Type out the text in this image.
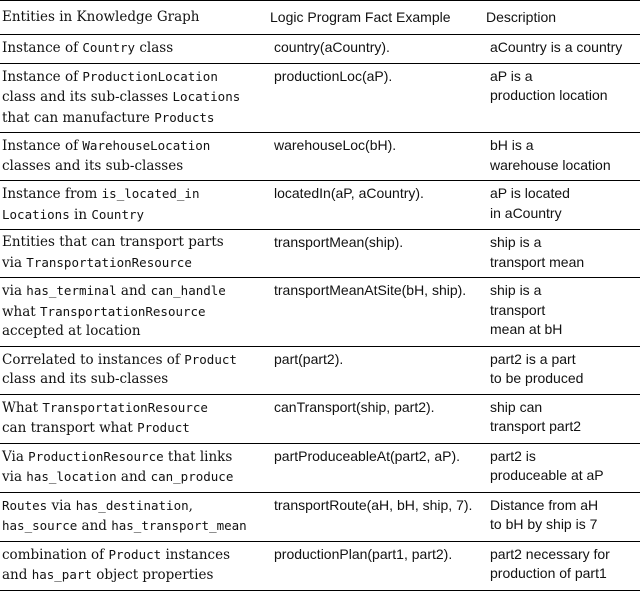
Entities in Knowledge Graph	Logic Program Fact Example	Description

Instance of Country class	country(aCountry).	aCountry is a country

Instance of ProductionLocation
class and its sub-classes Locations
that can manufacture Products	productionLoc(aP).	aP is a
production location

Instance of WarehouseLocation
classes and its sub-classes	warehouseLoc(bH).	bH is a
warehouse location

Instance from is_located_in
Locations in Country	locatedIn(aP, aCountry).	aP is located
in aCountry

Entities that can transport parts
via TransportationResource	transportMean(ship).	ship is a
transport mean

via has_terminal and can_handle
what TransportationResource
accepted at location	transportMeanAtSite(bH, ship).	ship is a
transport
mean at bH

Correlated to instances of Product
class and its sub-classes	part(part2).	part2 is a part
to be produced

What TransportationResource
can transport what Product	canTransport(ship, part2).	ship can
transport part2

Via ProductionResource that links
via has_location and can_produce	partProduceableAt(part2, aP).	part2 is
produceable at aP

Routes via has_destination,
has_source and has_transport_mean	transportRoute(aH, bH, ship, 7).	Distance from aH
to bH by ship is 7

combination of Product instances
and has_part object properties	productionPlan(part1, part2).	part2 necessary for
production of part1
